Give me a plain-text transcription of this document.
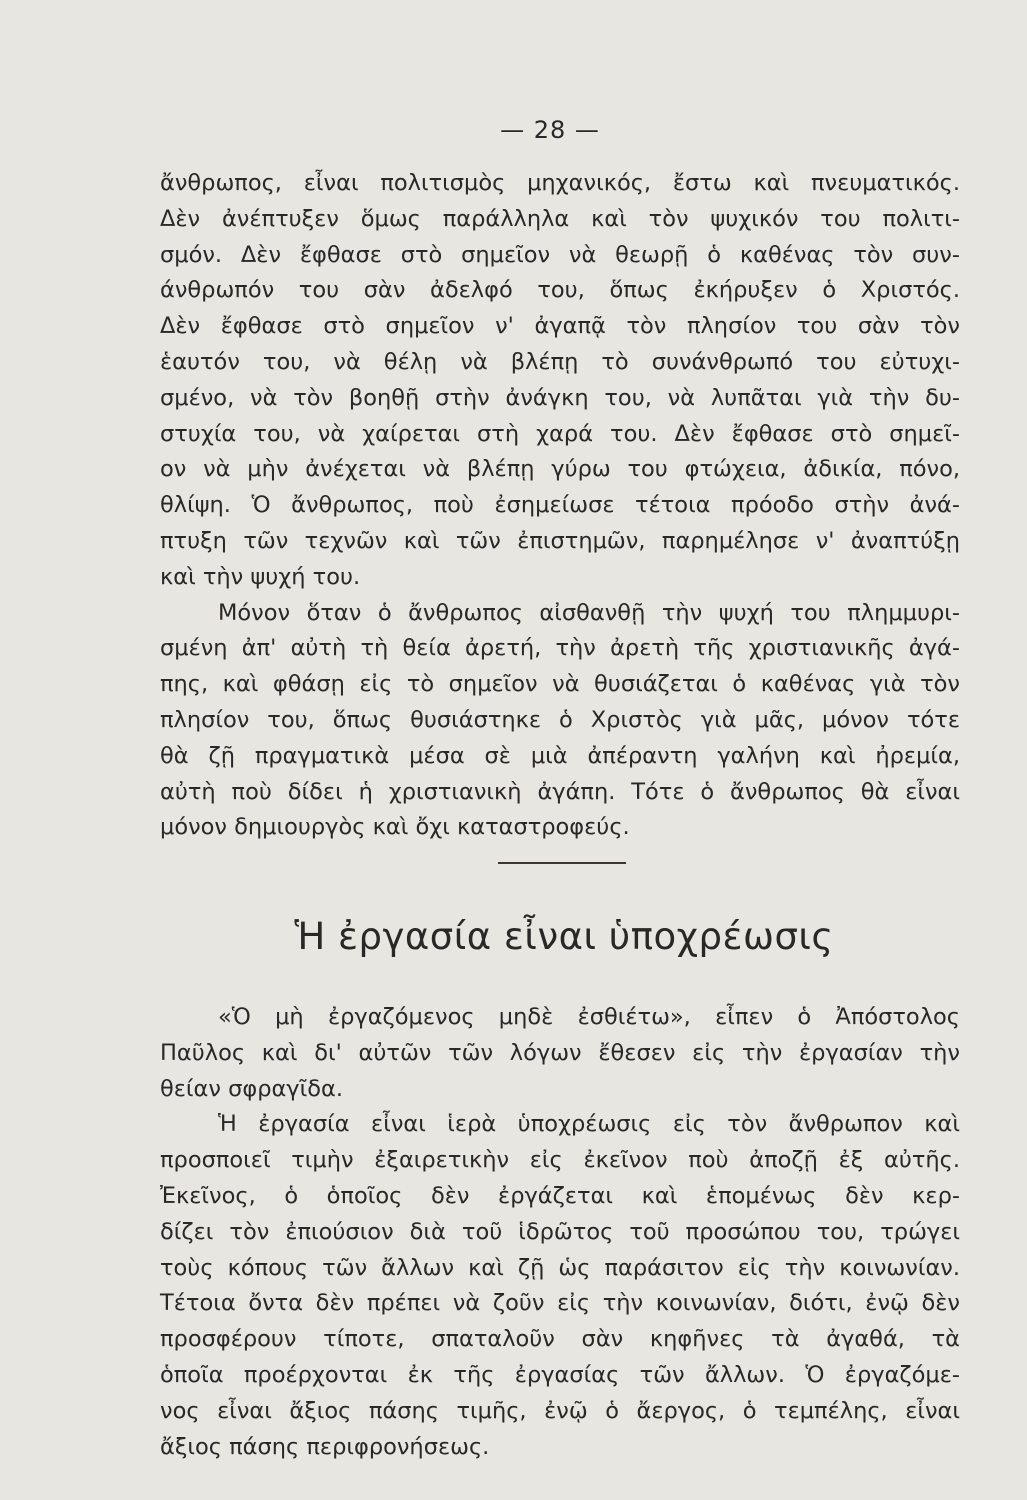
— 28 —
ἄνθρωπος, εἶναι πολιτισμὸς μηχανικός, ἔστω καὶ πνευματικός.
Δὲν ἀνέπτυξεν ὅμως παράλληλα καὶ τὸν ψυχικόν του πολιτι-
σμόν. Δὲν ἔφθασε στὸ σημεῖον νὰ θεωρῇ ὁ καθένας τὸν συν-
άνθρωπόν του σὰν ἀδελφό του, ὅπως ἐκήρυξεν ὁ Χριστός.
Δὲν ἔφθασε στὸ σημεῖον ν' ἀγαπᾷ τὸν πλησίον του σὰν τὸν
ἑαυτόν του, νὰ θέλῃ νὰ βλέπῃ τὸ συνάνθρωπό του εὐτυχι-
σμένο, νὰ τὸν βοηθῇ στὴν ἀνάγκη του, νὰ λυπᾶται γιὰ τὴν δυ-
στυχία του, νὰ χαίρεται στὴ χαρά του. Δὲν ἔφθασε στὸ σημεῖ-
ον νὰ μὴν ἀνέχεται νὰ βλέπῃ γύρω του φτώχεια, ἀδικία, πόνο,
θλίψη. Ὁ ἄνθρωπος, ποὺ ἐσημείωσε τέτοια πρόοδο στὴν ἀνά-
πτυξη τῶν τεχνῶν καὶ τῶν ἐπιστημῶν, παρημέλησε ν' ἀναπτύξῃ
καὶ τὴν ψυχή του.
Μόνον ὅταν ὁ ἄνθρωπος αἰσθανθῇ τὴν ψυχή του πλημμυρι-
σμένη ἀπ' αὐτὴ τὴ θεία ἀρετή, τὴν ἀρετὴ τῆς χριστιανικῆς ἀγά-
πης, καὶ φθάσῃ εἰς τὸ σημεῖον νὰ θυσιάζεται ὁ καθένας γιὰ τὸν
πλησίον του, ὅπως θυσιάστηκε ὁ Χριστὸς γιὰ μᾶς, μόνον τότε
θὰ ζῇ πραγματικὰ μέσα σὲ μιὰ ἀπέραντη γαλήνη καὶ ἠρεμία,
αὐτὴ ποὺ δίδει ἡ χριστιανικὴ ἀγάπη. Τότε ὁ ἄνθρωπος θὰ εἶναι
μόνον δημιουργὸς καὶ ὄχι καταστροφεύς.
Ἡ ἐργασία εἶναι ὑποχρέωσις
«Ὁ μὴ ἐργαζόμενος μηδὲ ἐσθιέτω», εἶπεν ὁ Ἀπόστολος
Παῦλος καὶ δι' αὐτῶν τῶν λόγων ἔθεσεν εἰς τὴν ἐργασίαν τὴν
θείαν σφραγῖδα.
Ἡ ἐργασία εἶναι ἱερὰ ὑποχρέωσις εἰς τὸν ἄνθρωπον καὶ
προσποιεῖ τιμὴν ἐξαιρετικὴν εἰς ἐκεῖνον ποὺ ἀποζῇ ἐξ αὐτῆς.
Ἐκεῖνος, ὁ ὁποῖος δὲν ἐργάζεται καὶ ἑπομένως δὲν κερ-
δίζει τὸν ἐπιούσιον διὰ τοῦ ἱδρῶτος τοῦ προσώπου του, τρώγει
τοὺς κόπους τῶν ἄλλων καὶ ζῇ ὡς παράσιτον εἰς τὴν κοινωνίαν.
Τέτοια ὄντα δὲν πρέπει νὰ ζοῦν εἰς τὴν κοινωνίαν, διότι, ἐνῷ δὲν
προσφέρουν τίποτε, σπαταλοῦν σὰν κηφῆνες τὰ ἀγαθά, τὰ
ὁποῖα προέρχονται ἐκ τῆς ἐργασίας τῶν ἄλλων. Ὁ ἐργαζόμε-
νος εἶναι ἄξιος πάσης τιμῆς, ἐνῷ ὁ ἄεργος, ὁ τεμπέλης, εἶναι
ἄξιος πάσης περιφρονήσεως.
